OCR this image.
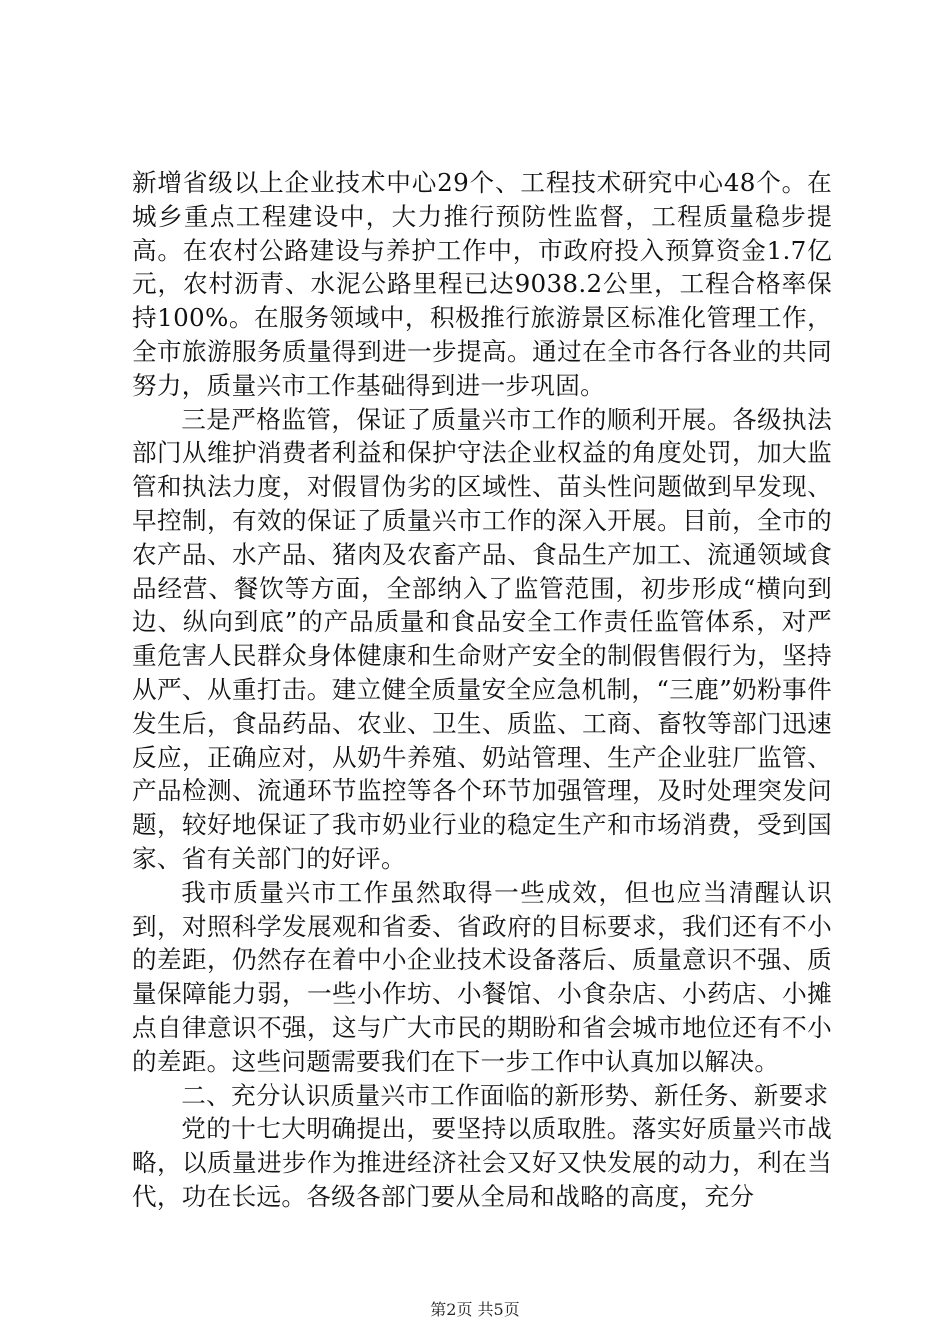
新增省级以上企业技术中心29个、工程技术研究中心48个。在城乡重点工程建设中，大力推行预防性监督，工程质量稳步提高。在农村公路建设与养护工作中，市政府投入预算资金1.7亿元，农村沥青、水泥公路里程已达9038.2公里，工程合格率保持100%。在服务领域中，积极推行旅游景区标准化管理工作，全市旅游服务质量得到进一步提高。通过在全市各行各业的共同努力，质量兴市工作基础得到进一步巩固。

三是严格监管，保证了质量兴市工作的顺利开展。各级执法部门从维护消费者利益和保护守法企业权益的角度处罚，加大监管和执法力度，对假冒伪劣的区域性、苗头性问题做到早发现、早控制，有效的保证了质量兴市工作的深入开展。目前，全市的农产品、水产品、猪肉及农畜产品、食品生产加工、流通领域食品经营、餐饮等方面，全部纳入了监管范围，初步形成“横向到边、纵向到底”的产品质量和食品安全工作责任监管体系，对严重危害人民群众身体健康和生命财产安全的制假售假行为，坚持从严、从重打击。建立健全质量安全应急机制，“三鹿”奶粉事件发生后，食品药品、农业、卫生、质监、工商、畜牧等部门迅速反应，正确应对，从奶牛养殖、奶站管理、生产企业驻厂监管、产品检测、流通环节监控等各个环节加强管理，及时处理突发问题，较好地保证了我市奶业行业的稳定生产和市场消费，受到国家、省有关部门的好评。

我市质量兴市工作虽然取得一些成效，但也应当清醒认识到，对照科学发展观和省委、省政府的目标要求，我们还有不小的差距，仍然存在着中小企业技术设备落后、质量意识不强、质量保障能力弱，一些小作坊、小餐馆、小食杂店、小药店、小摊点自律意识不强，这与广大市民的期盼和省会城市地位还有不小的差距。这些问题需要我们在下一步工作中认真加以解决。

二、充分认识质量兴市工作面临的新形势、新任务、新要求

党的十七大明确提出，要坚持以质取胜。落实好质量兴市战略，以质量进步作为推进经济社会又好又快发展的动力，利在当代，功在长远。各级各部门要从全局和战略的高度，充分

第2页 共5页
